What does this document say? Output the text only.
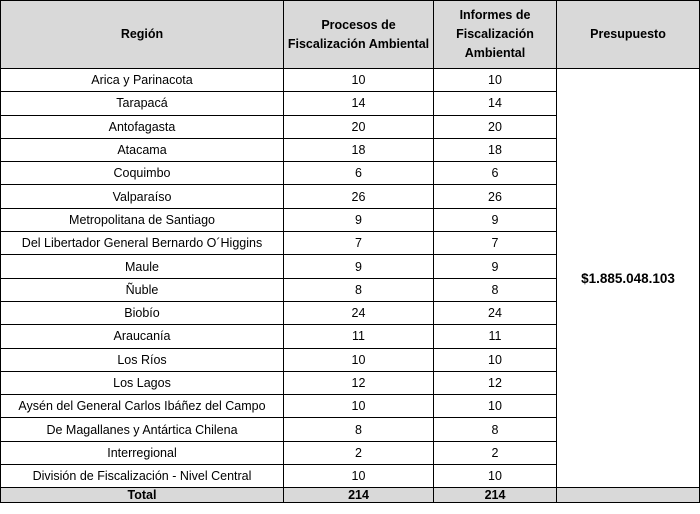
Región	Procesos de Fiscalización Ambiental	Informes de Fiscalización Ambiental	Presupuesto
Arica y Parinacota	10	10	$1.885.048.103
Tarapacá	14	14	
Antofagasta	20	20	
Atacama	18	18	
Coquimbo	6	6	
Valparaíso	26	26	
Metropolitana de Santiago	9	9	
Del Libertador General Bernardo O´Higgins	7	7	
Maule	9	9	
Ñuble	8	8	
Biobío	24	24	
Araucanía	11	11	
Los Ríos	10	10	
Los Lagos	12	12	
Aysén del General Carlos Ibáñez del Campo	10	10	
De Magallanes y Antártica Chilena	8	8	
Interregional	2	2	
División de Fiscalización - Nivel Central	10	10	
Total	214	214	
